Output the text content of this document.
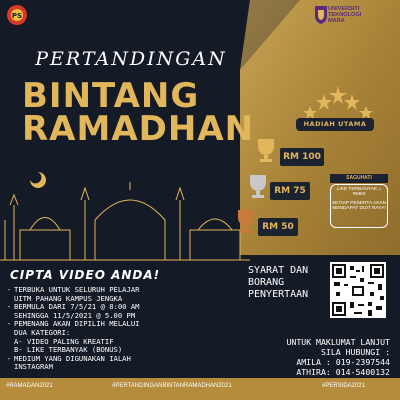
PS
UNIVERSITI
TEKNOLOGI
MARA
PERTANDINGAN
BINTANG
RAMADHAN	HADIAH UTAMA
RM 100
RM 75
RM 50
SAGUHATI
LIKE TERBANYAK = RM50
SETIAP PESERTA AKAN MENDAPAT DUIT RAYA!
CIPTA VIDEO ANDA!
- TERBUKA UNTUK SELURUH PELAJAR
UITM PAHANG KAMPUS JENGKA
- BERMULA DARI 7/5/21 @ 8:00 AM
SEHINGGA 11/5/2021 @ 5.00 PM
- PEMENANG AKAN DIPILIH MELALUI
DUA KATEGORI:
A- VIDEO PALING KREATIF
B- LIKE TERBANYAK (BONUS)
- MEDIUM YANG DIGUNAKAN IALAH
INSTAGRAM
SYARAT DAN
BORANG
PENYERTAAN
UNTUK MAKLUMAT LANJUT
SILA HUBUNGI :
AMILA : 019-2397544
ATHIRA: 014-5400132
#RAMADAN2021	#PERTANDINGANBINTANRAMADHAN2021	#PERSIDA2021
